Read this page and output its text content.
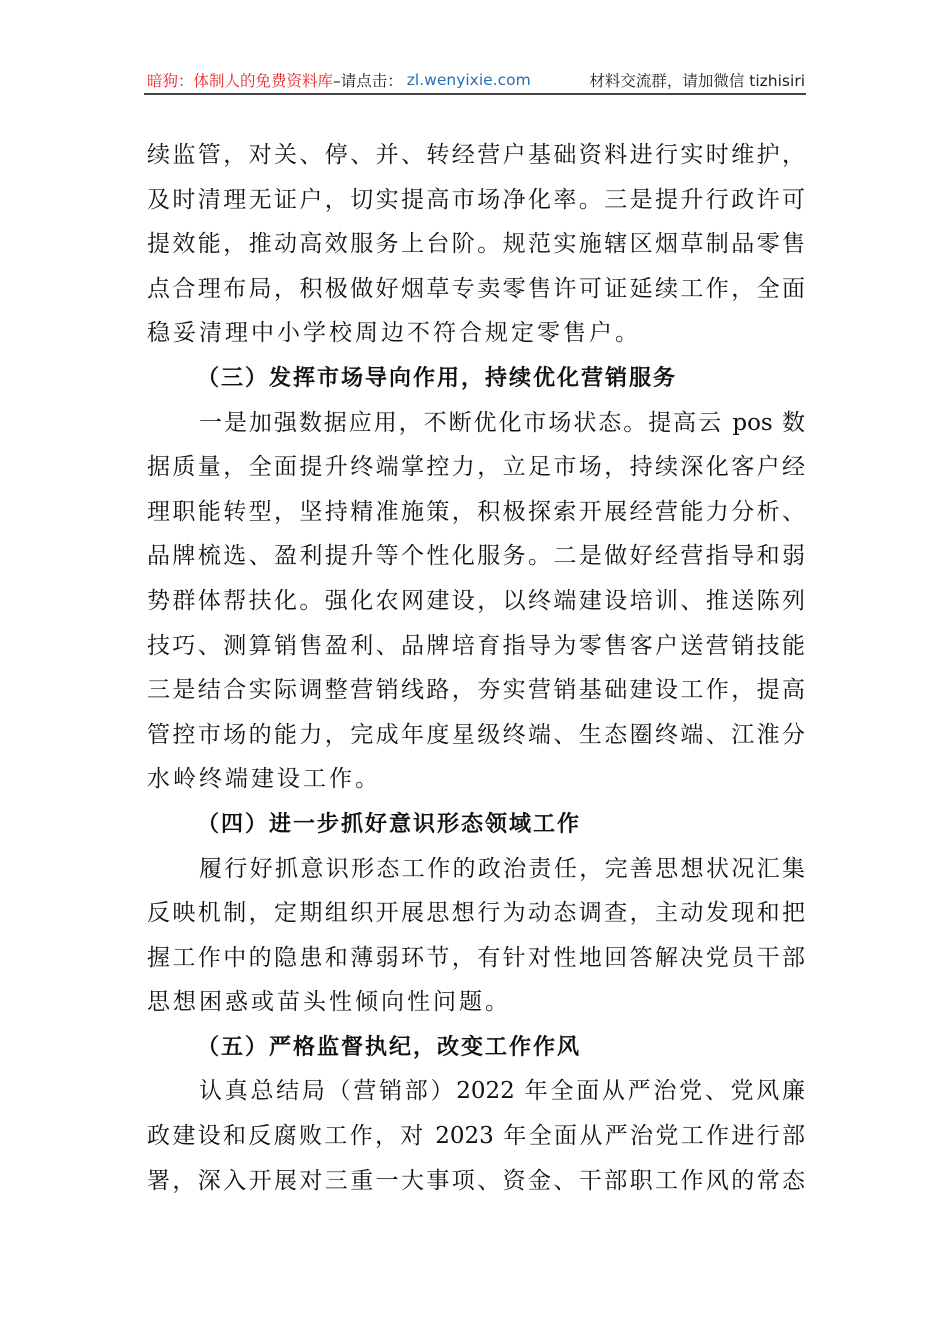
暗狗：体制人的免费资料库 –请点击： zl.wenyixie.com	材料交流群，请加微信 tizhisiri
续监管，对关、停、并、转经营户基础资料进行实时维护，
及时清理无证户，切实提高市场净化率。三是提升行政许可
提效能，推动高效服务上台阶。规范实施辖区烟草制品零售
点合理布局，积极做好烟草专卖零售许可证延续工作，全面
稳妥清理中小学校周边不符合规定零售户。
（三）发挥市场导向作用，持续优化营销服务
一是加强数据应用，不断优化市场状态。提高云 pos 数
据质量，全面提升终端掌控力，立足市场，持续深化客户经
理职能转型，坚持精准施策，积极探索开展经营能力分析、
品牌梳选、盈利提升等个性化服务。二是做好经营指导和弱
势群体帮扶化。强化农网建设，以终端建设培训、推送陈列
技巧、测算销售盈利、品牌培育指导为零售客户送营销技能
三是结合实际调整营销线路，夯实营销基础建设工作，提高
管控市场的能力，完成年度星级终端、生态圈终端、江淮分
水岭终端建设工作。
（四）进一步抓好意识形态领域工作
履行好抓意识形态工作的政治责任，完善思想状况汇集
反映机制，定期组织开展思想行为动态调查，主动发现和把
握工作中的隐患和薄弱环节，有针对性地回答解决党员干部
思想困惑或苗头性倾向性问题。
（五）严格监督执纪，改变工作作风
认真总结局（营销部）2022 年全面从严治党、党风廉
政建设和反腐败工作，对 2023 年全面从严治党工作进行部
署，深入开展对三重一大事项、资金、干部职工作风的常态
